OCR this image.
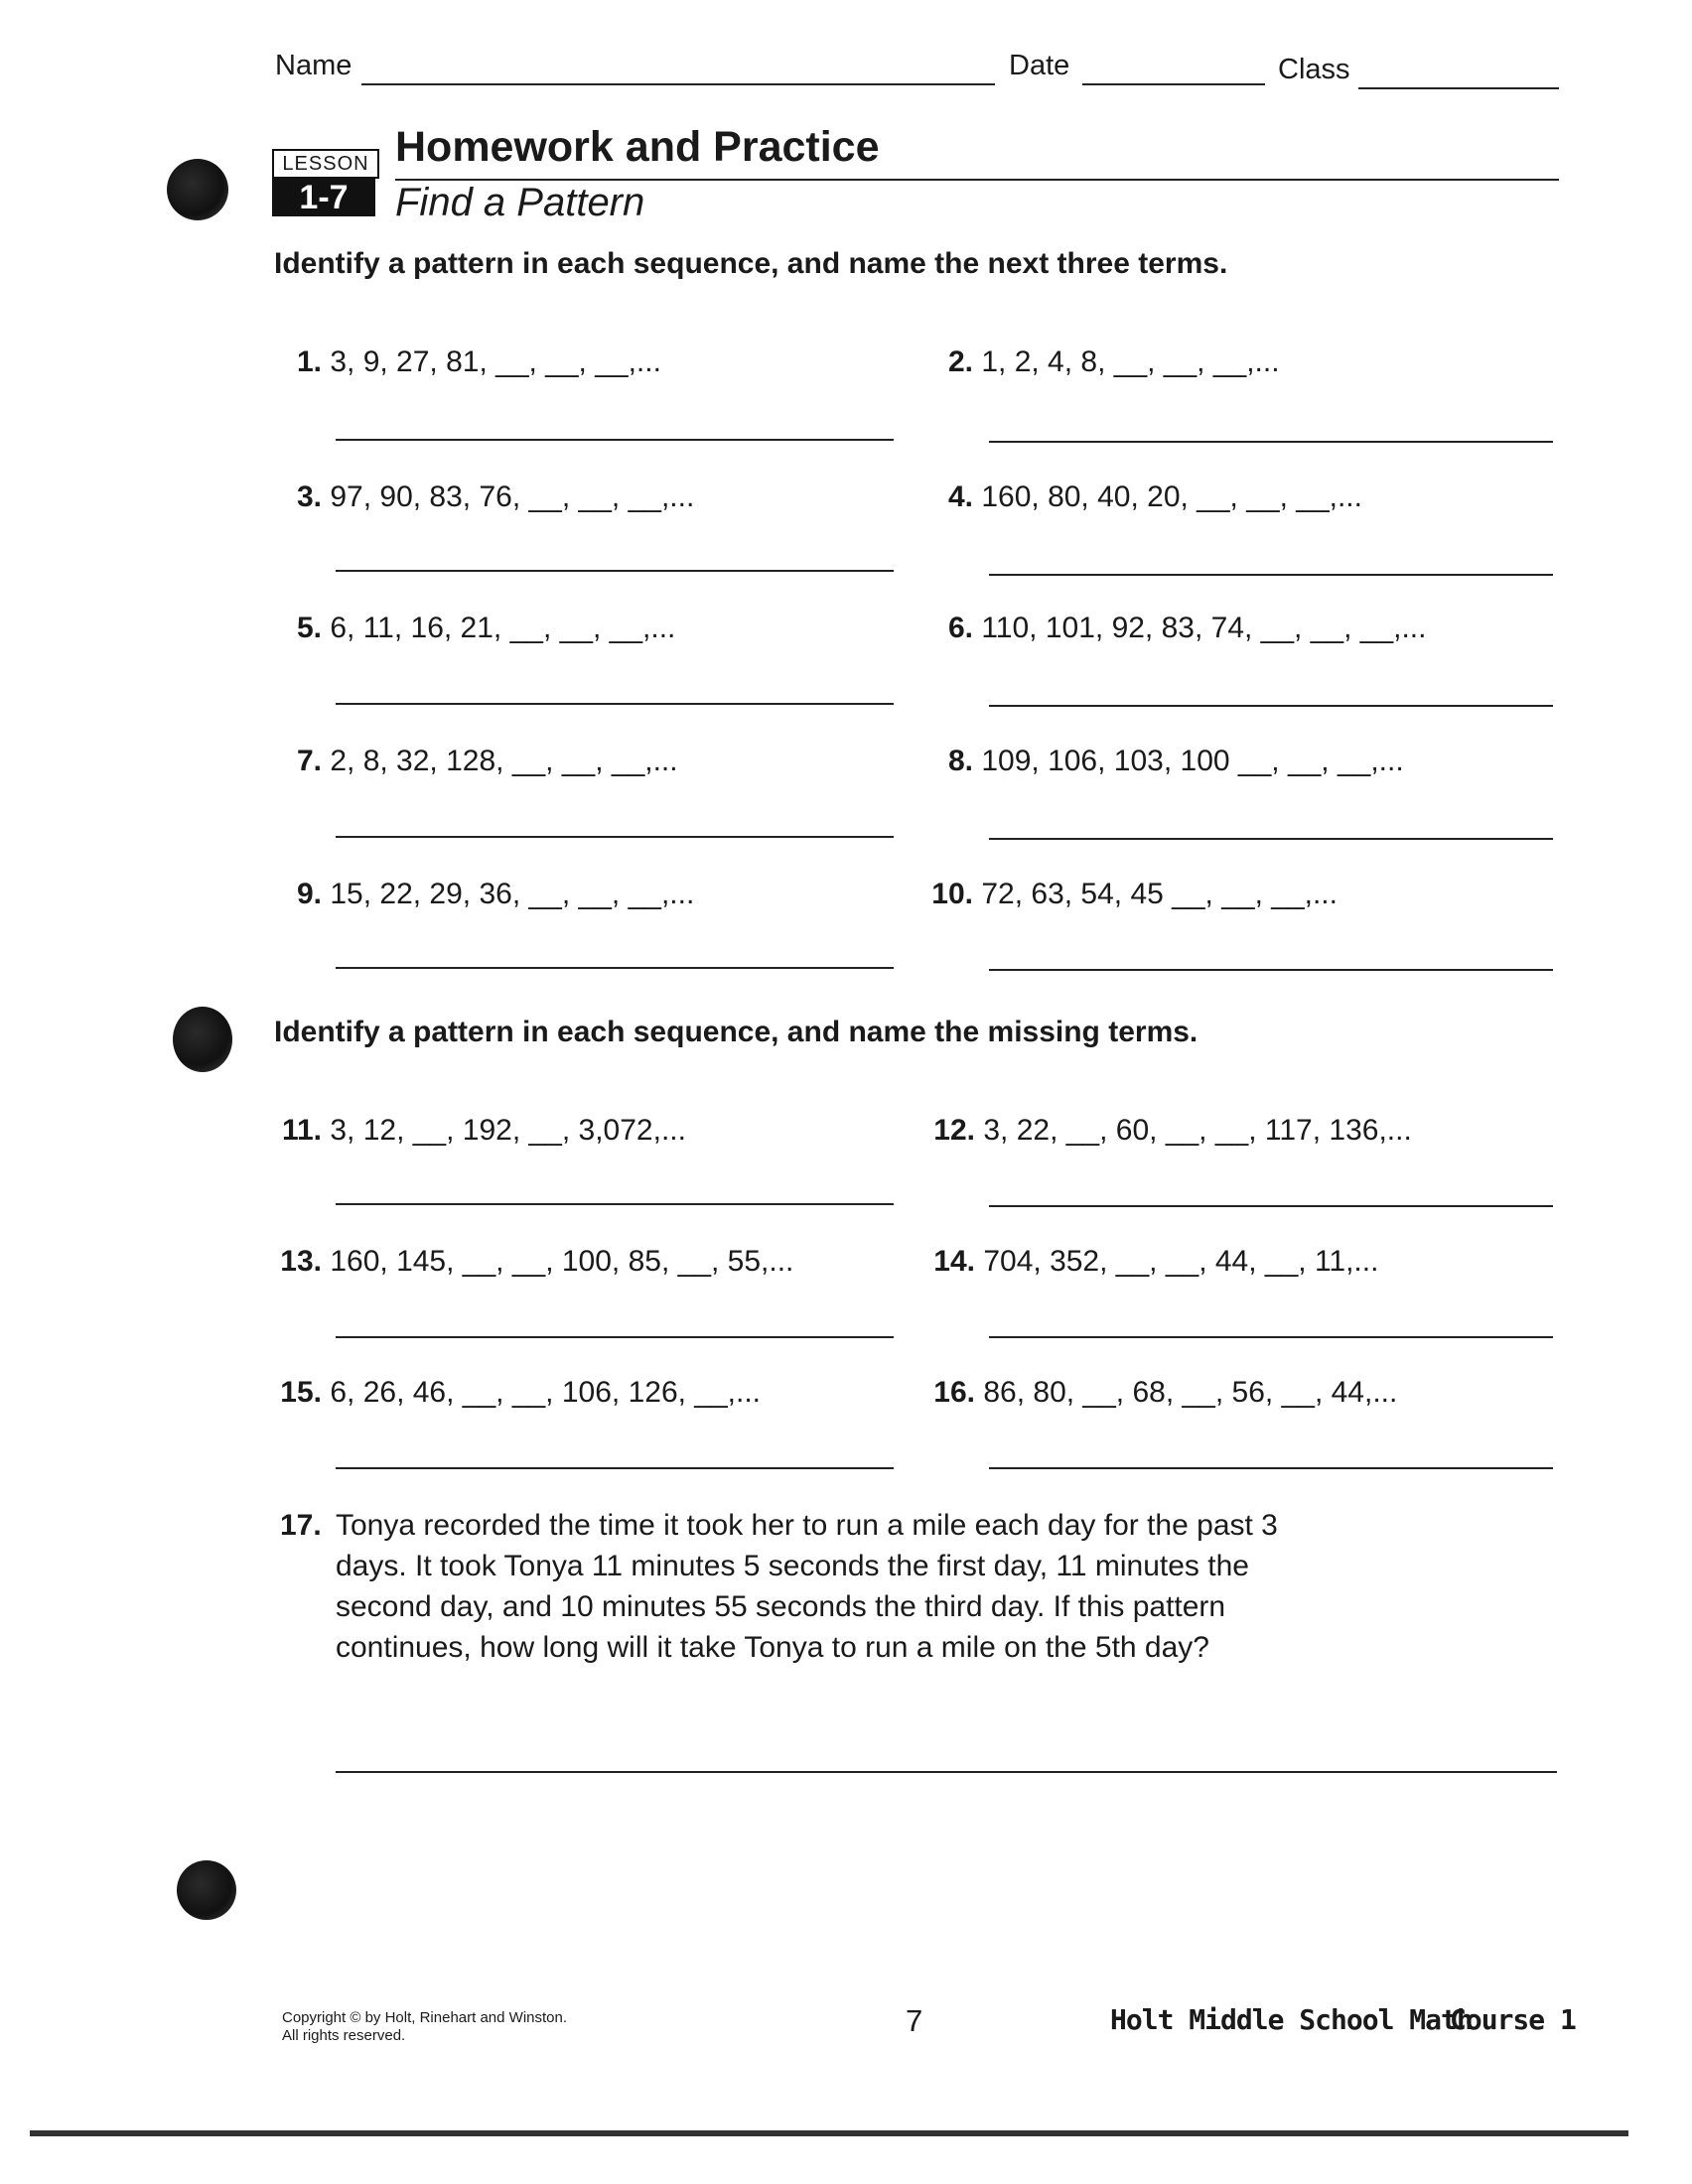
Name	Date	Class
LESSON
1-7
Homework and Practice
Find a Pattern
Identify a pattern in each sequence, and name the next three terms.
1. 3, 9, 27, 81, __, __, __,...	2. 1, 2, 4, 8, __, __, __,...
3. 97, 90, 83, 76, __, __, __,...	4. 160, 80, 40, 20, __, __, __,...
5. 6, 11, 16, 21, __, __, __,...	6. 110, 101, 92, 83, 74, __, __, __,...
7. 2, 8, 32, 128, __, __, __,...	8. 109, 106, 103, 100 __, __, __,...
9. 15, 22, 29, 36, __, __, __,...	10. 72, 63, 54, 45 __, __, __,...
Identify a pattern in each sequence, and name the missing terms.
11. 3, 12, __, 192, __, 3,072,...	12. 3, 22, __, 60, __, __, 117, 136,...
13. 160, 145, __, __, 100, 85, __, 55,...	14. 704, 352, __, __, 44, __, 11,...
15. 6, 26, 46, __, __, 106, 126, __,...	16. 86, 80, __, 68, __, 56, __, 44,...
17. Tonya recorded the time it took her to run a mile each day for the past 3 days. It took Tonya 11 minutes 5 seconds the first day, 11 minutes the second day, and 10 minutes 55 seconds the third day. If this pattern continues, how long will it take Tonya to run a mile on the 5th day?
Copyright © by Holt, Rinehart and Winston.
All rights reserved.	7	Holt Middle School Math
Course 1
